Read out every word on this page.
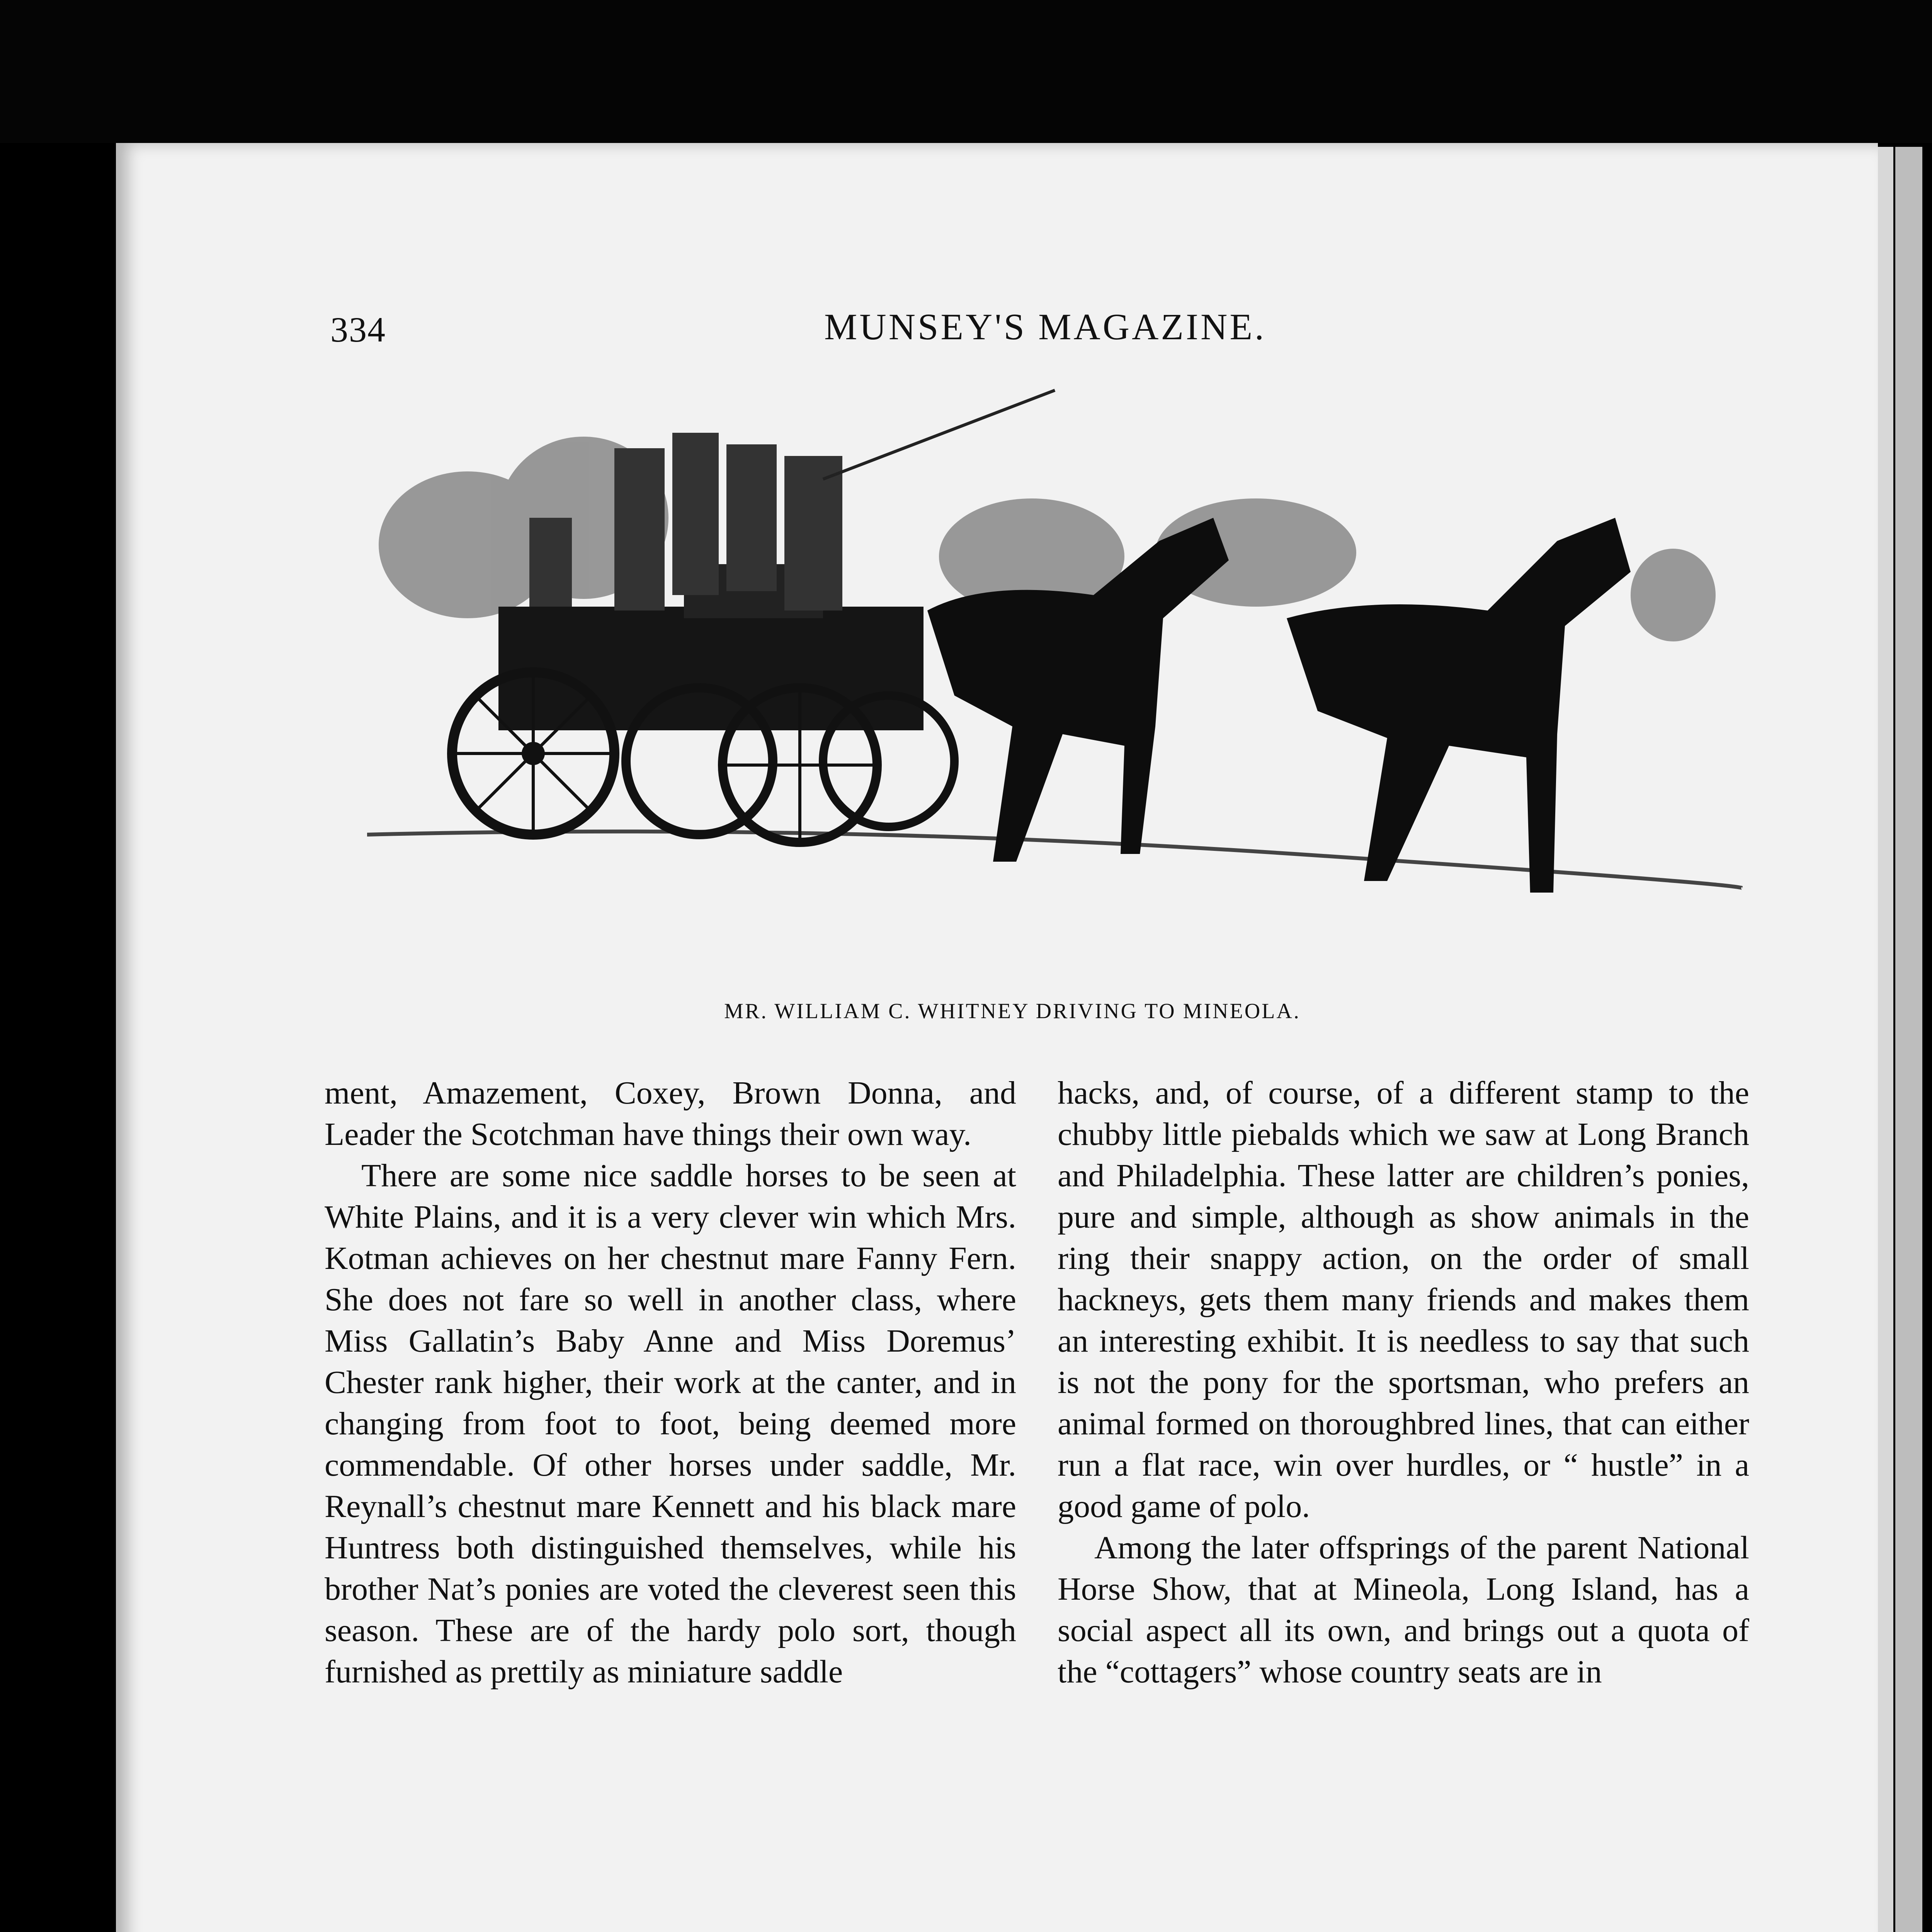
334	MUNSEY'S MAGAZINE.
MR. WILLIAM C. WHITNEY DRIVING TO MINEOLA.

ment, Amazement, Coxey, Brown Donna, and Leader the Scotchman have things their own way.

There are some nice saddle horses to be seen at White Plains, and it is a very clever win which Mrs. Kotman achieves on her chestnut mare Fanny Fern. She does not fare so well in another class, where Miss Gallatin’s Baby Anne and Miss Doremus’ Chester rank higher, their work at the canter, and in changing from foot to foot, being deemed more commendable. Of other horses under saddle, Mr. Reynall’s chestnut mare Kennett and his black mare Huntress both distinguished themselves, while his brother Nat’s ponies are voted the cleverest seen this season. These are of the hardy polo sort, though furnished as prettily as miniature saddle

hacks, and, of course, of a different stamp to the chubby little piebalds which we saw at Long Branch and Philadelphia. These latter are children’s ponies, pure and simple, although as show animals in the ring their snappy action, on the order of small hackneys, gets them many friends and makes them an interesting exhibit. It is needless to say that such is not the pony for the sportsman, who prefers an animal formed on thoroughbred lines, that can either run a flat race, win over hurdles, or “ hustle” in a good game of polo.

Among the later offsprings of the parent National Horse Show, that at Mineola, Long Island, has a social aspect all its own, and brings out a quota of the “cottagers” whose country seats are in
